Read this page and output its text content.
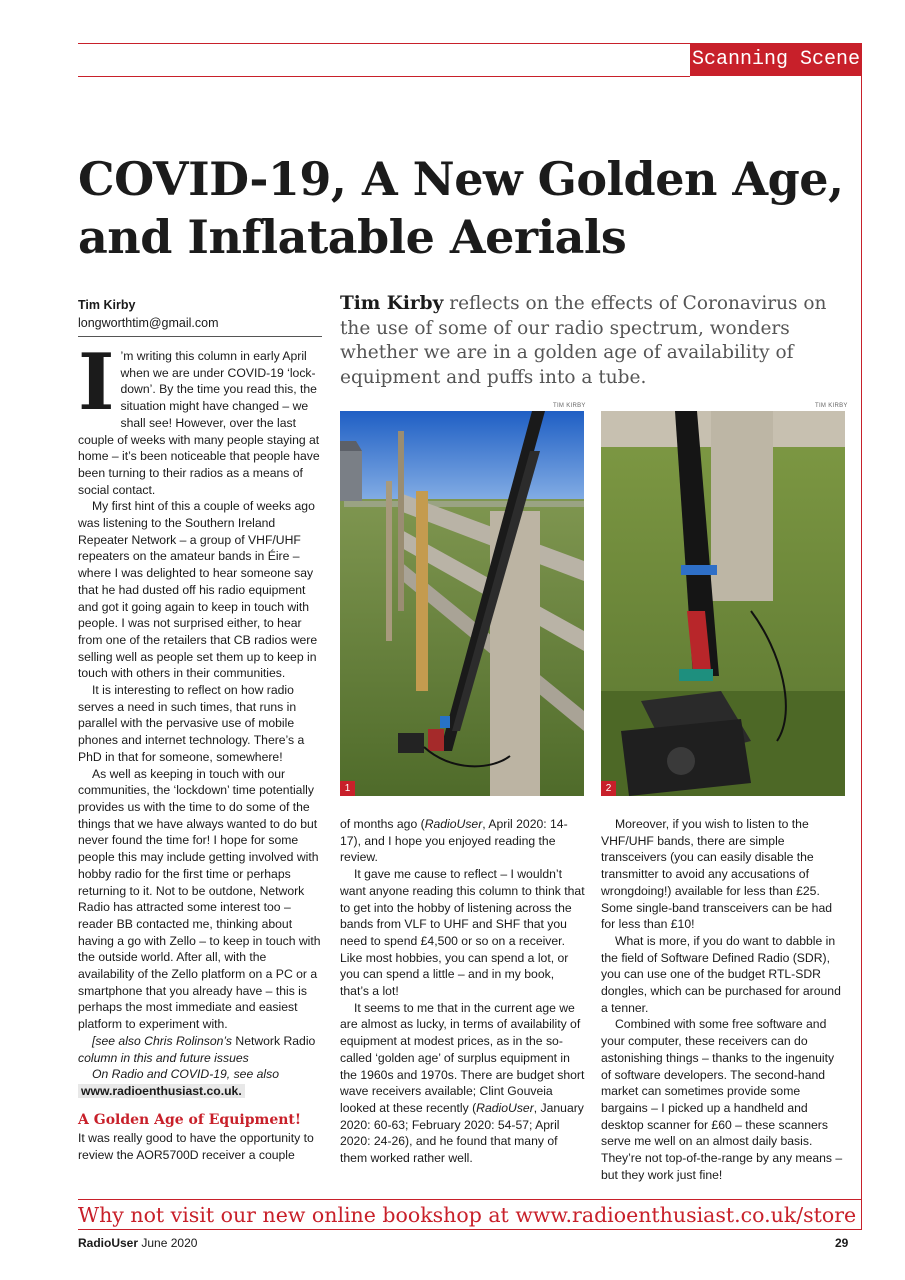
Scanning Scene
COVID-19, A New Golden Age,
and Inflatable Aerials
Tim Kirby
longworthtim@gmail.com
Tim Kirby reflects on the effects of Coronavirus on the use of some of our radio spectrum, wonders whether we are in a golden age of availability of equipment and puffs into a tube.
TIM KIRBY
1
TIM KIRBY
2

I ’m writing this column in early April when we are under COVID-19 ‘lock-down’. By the time you read this, the situation might have changed – we shall see! However, over the last couple of weeks with many people staying at home – it’s been noticeable that people have been turning to their radios as a means of social contact.

My first hint of this a couple of weeks ago was listening to the Southern Ireland Repeater Network – a group of VHF/UHF repeaters on the amateur bands in Éire – where I was delighted to hear someone say that he had dusted off his radio equipment and got it going again to keep in touch with people. I was not surprised either, to hear from one of the retailers that CB radios were selling well as people set them up to keep in touch with others in their communities.

It is interesting to reflect on how radio serves a need in such times, that runs in parallel with the pervasive use of mobile phones and internet technology. There’s a PhD in that for someone, somewhere!

As well as keeping in touch with our communities, the ‘lockdown’ time potentially provides us with the time to do some of the things that we have always wanted to do but never found the time for! I hope for some people this may include getting involved with hobby radio for the first time or perhaps returning to it. Not to be outdone, Network Radio has attracted some interest too – reader BB contacted me, thinking about having a go with Zello – to keep in touch with the outside world. After all, with the availability of the Zello platform on a PC or a smartphone that you already have – this is perhaps the most immediate and easiest platform to experiment with.

[see also Chris Rolinson’s Network Radio column in this and future issues

On Radio and COVID-19, see also

www.radioenthusiast.co.uk.

A Golden Age of Equipment!

It was really good to have the opportunity to review the AOR5700D receiver a couple

of months ago (RadioUser, April 2020: 14-17), and I hope you enjoyed reading the review.

It gave me cause to reflect – I wouldn’t want anyone reading this column to think that to get into the hobby of listening across the bands from VLF to UHF and SHF that you need to spend £4,500 or so on a receiver. Like most hobbies, you can spend a lot, or you can spend a little – and in my book, that’s a lot!

It seems to me that in the current age we are almost as lucky, in terms of availability of equipment at modest prices, as in the so-called ‘golden age’ of surplus equipment in the 1960s and 1970s. There are budget short wave receivers available; Clint Gouveia looked at these recently (RadioUser, January 2020: 60-63; February 2020: 54-57; April 2020: 24-26), and he found that many of them worked rather well.

Moreover, if you wish to listen to the VHF/UHF bands, there are simple transceivers (you can easily disable the transmitter to avoid any accusations of wrongdoing!) available for less than £25. Some single-band transceivers can be had for less than £10!

What is more, if you do want to dabble in the field of Software Defined Radio (SDR), you can use one of the budget RTL-SDR dongles, which can be purchased for around a tenner.

Combined with some free software and your computer, these receivers can do astonishing things – thanks to the ingenuity of software developers. The second-hand market can sometimes provide some bargains – I picked up a handheld and desktop scanner for £60 – these scanners serve me well on an almost daily basis. They’re not top-of-the-range by any means – but they work just fine!

Why not visit our new online bookshop at www.radioenthusiast.co.uk/store
RadioUser June 2020	29
